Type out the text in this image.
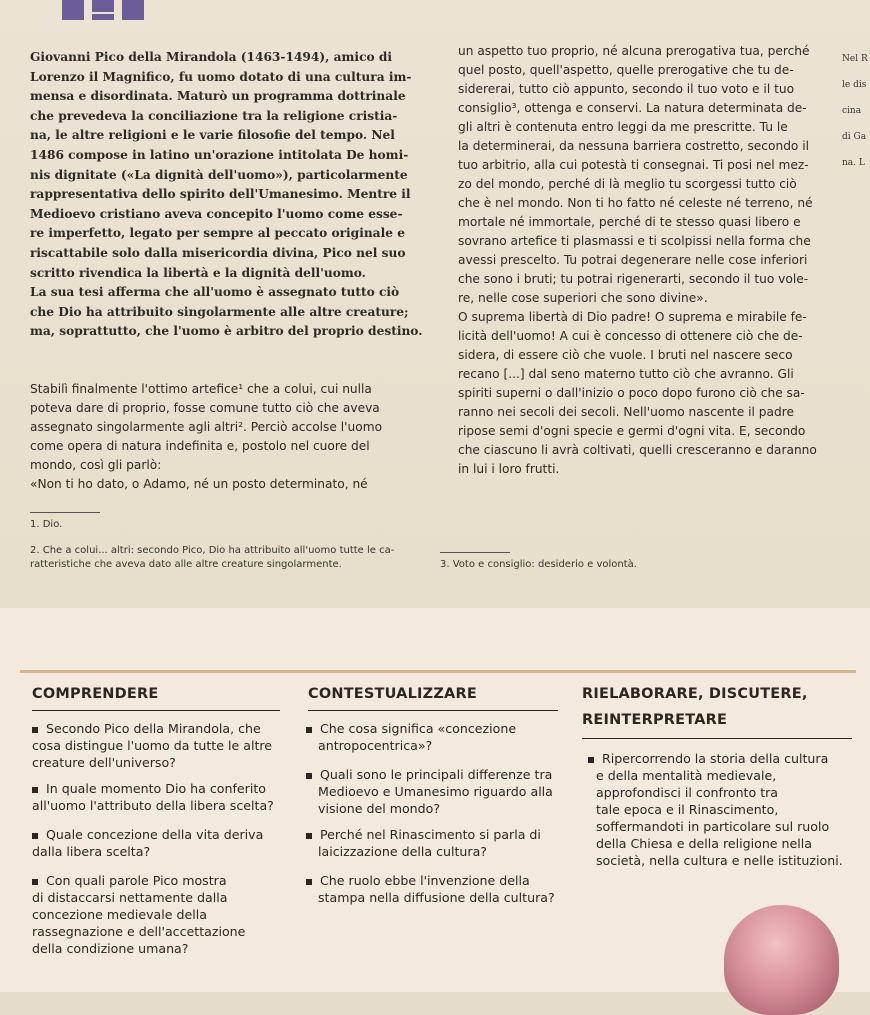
Giovanni Pico della Mirandola (1463-1494), amico di
Lorenzo il Magnifico, fu uomo dotato di una cultura im-
mensa e disordinata. Maturò un programma dottrinale
che prevedeva la conciliazione tra la religione cristia-
na, le altre religioni e le varie filosofie del tempo. Nel
1486 compose in latino un'orazione intitolata De homi-
nis dignitate («La dignità dell'uomo»), particolarmente
rappresentativa dello spirito dell'Umanesimo. Mentre il
Medioevo cristiano aveva concepito l'uomo come esse-
re imperfetto, legato per sempre al peccato originale e
riscattabile solo dalla misericordia divina, Pico nel suo
scritto rivendica la libertà e la dignità dell'uomo.
La sua tesi afferma che all'uomo è assegnato tutto ciò
che Dio ha attribuito singolarmente alle altre creature;
ma, soprattutto, che l'uomo è arbitro del proprio destino.
Stabilì finalmente l'ottimo artefice¹ che a colui, cui nulla
poteva dare di proprio, fosse comune tutto ciò che aveva
assegnato singolarmente agli altri². Perciò accolse l'uomo
come opera di natura indefinita e, postolo nel cuore del
mondo, così gli parlò:
«Non ti ho dato, o Adamo, né un posto determinato, né
1. Dio.
2. Che a colui... altri: secondo Pico, Dio ha attribuito all'uomo tutte le ca-
ratteristiche che aveva dato alle altre creature singolarmente.
un aspetto tuo proprio, né alcuna prerogativa tua, perché
quel posto, quell'aspetto, quelle prerogative che tu de-
sidererai, tutto ciò appunto, secondo il tuo voto e il tuo
consiglio³, ottenga e conservi. La natura determinata de-
gli altri è contenuta entro leggi da me prescritte. Tu le
la determinerai, da nessuna barriera costretto, secondo il
tuo arbitrio, alla cui potestà ti consegnai. Ti posi nel mez-
zo del mondo, perché di là meglio tu scorgessi tutto ciò
che è nel mondo. Non ti ho fatto né celeste né terreno, né
mortale né immortale, perché di te stesso quasi libero e
sovrano artefice ti plasmassi e ti scolpissi nella forma che
avessi prescelto. Tu potrai degenerare nelle cose inferiori
che sono i bruti; tu potrai rigenerarti, secondo il tuo vole-
re, nelle cose superiori che sono divine».
O suprema libertà di Dio padre! O suprema e mirabile fe-
licità dell'uomo! A cui è concesso di ottenere ciò che de-
sidera, di essere ciò che vuole. I bruti nel nascere seco
recano [...] dal seno materno tutto ciò che avranno. Gli
spiriti superni o dall'inizio o poco dopo furono ciò che sa-
ranno nei secoli dei secoli. Nell'uomo nascente il padre
ripose semi d'ogni specie e germi d'ogni vita. E, secondo
che ciascuno li avrà coltivati, quelli cresceranno e daranno
in lui i loro frutti.
3. Voto e consiglio: desiderio e volontà.
Nel R
le dis
cina
di Ga
na. L
COMPRENDERE
Secondo Pico della Mirandola, che
cosa distingue l'uomo da tutte le altre
creature dell'universo?
In quale momento Dio ha conferito
all'uomo l'attributo della libera scelta?
Quale concezione della vita deriva
dalla libera scelta?
Con quali parole Pico mostra
di distaccarsi nettamente dalla
concezione medievale della
rassegnazione e dell'accettazione
della condizione umana?
CONTESTUALIZZARE
Che cosa significa «concezione
antropocentrica»?
Quali sono le principali differenze tra
Medioevo e Umanesimo riguardo alla
visione del mondo?
Perché nel Rinascimento si parla di
laicizzazione della cultura?
Che ruolo ebbe l'invenzione della
stampa nella diffusione della cultura?
RIELABORARE, DISCUTERE,
REINTERPRETARE
Ripercorrendo la storia della cultura
e della mentalità medievale,
approfondisci il confronto tra
tale epoca e il Rinascimento,
soffermandoti in particolare sul ruolo
della Chiesa e della religione nella
società, nella cultura e nelle istituzioni.
